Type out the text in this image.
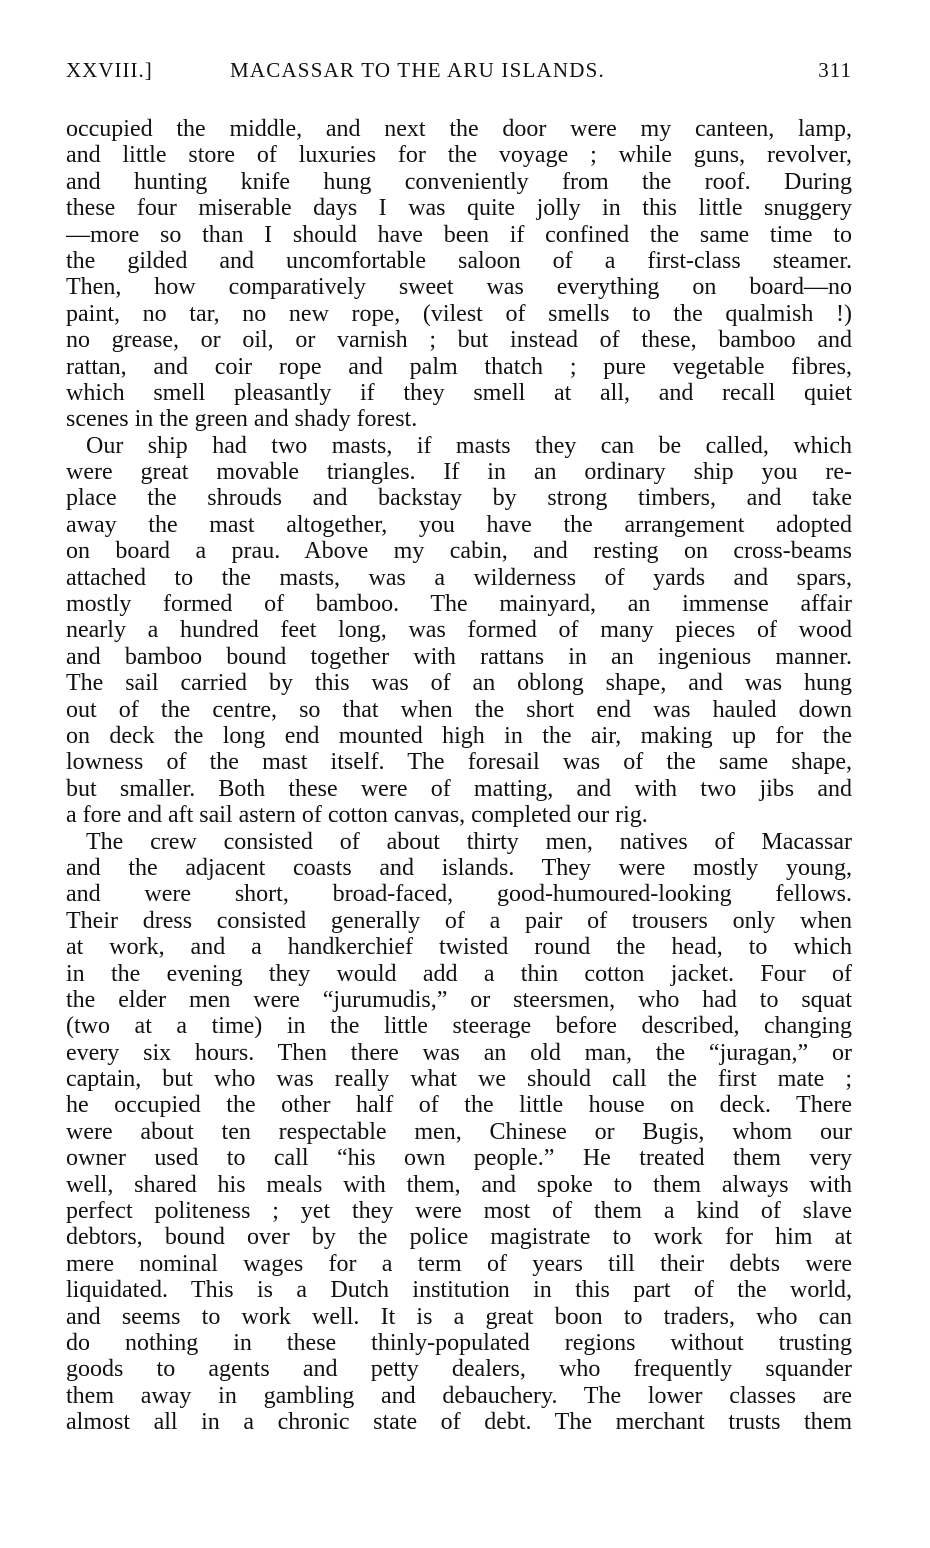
XXVIII.]	MACASSAR TO THE ARU ISLANDS.	311
occupied the middle, and next the door were my canteen, lamp,
and little store of luxuries for the voyage ; while guns, revolver,
and hunting knife hung conveniently from the roof. During
these four miserable days I was quite jolly in this little snuggery
—more so than I should have been if confined the same time to
the gilded and uncomfortable saloon of a first-class steamer.
Then, how comparatively sweet was everything on board—no
paint, no tar, no new rope, (vilest of smells to the qualmish !)
no grease, or oil, or varnish ; but instead of these, bamboo and
rattan, and coir rope and palm thatch ; pure vegetable fibres,
which smell pleasantly if they smell at all, and recall quiet
scenes in the green and shady forest.
Our ship had two masts, if masts they can be called, which
were great movable triangles. If in an ordinary ship you re-
place the shrouds and backstay by strong timbers, and take
away the mast altogether, you have the arrangement adopted
on board a prau. Above my cabin, and resting on cross-beams
attached to the masts, was a wilderness of yards and spars,
mostly formed of bamboo. The mainyard, an immense affair
nearly a hundred feet long, was formed of many pieces of wood
and bamboo bound together with rattans in an ingenious manner.
The sail carried by this was of an oblong shape, and was hung
out of the centre, so that when the short end was hauled down
on deck the long end mounted high in the air, making up for the
lowness of the mast itself. The foresail was of the same shape,
but smaller. Both these were of matting, and with two jibs and
a fore and aft sail astern of cotton canvas, completed our rig.
The crew consisted of about thirty men, natives of Macassar
and the adjacent coasts and islands. They were mostly young,
and were short, broad-faced, good-humoured-looking fellows.
Their dress consisted generally of a pair of trousers only when
at work, and a handkerchief twisted round the head, to which
in the evening they would add a thin cotton jacket. Four of
the elder men were “jurumudis,” or steersmen, who had to squat
(two at a time) in the little steerage before described, changing
every six hours. Then there was an old man, the “juragan,” or
captain, but who was really what we should call the first mate ;
he occupied the other half of the little house on deck. There
were about ten respectable men, Chinese or Bugis, whom our
owner used to call “his own people.” He treated them very
well, shared his meals with them, and spoke to them always with
perfect politeness ; yet they were most of them a kind of slave
debtors, bound over by the police magistrate to work for him at
mere nominal wages for a term of years till their debts were
liquidated. This is a Dutch institution in this part of the world,
and seems to work well. It is a great boon to traders, who can
do nothing in these thinly-populated regions without trusting
goods to agents and petty dealers, who frequently squander
them away in gambling and debauchery. The lower classes are
almost all in a chronic state of debt. The merchant trusts them
